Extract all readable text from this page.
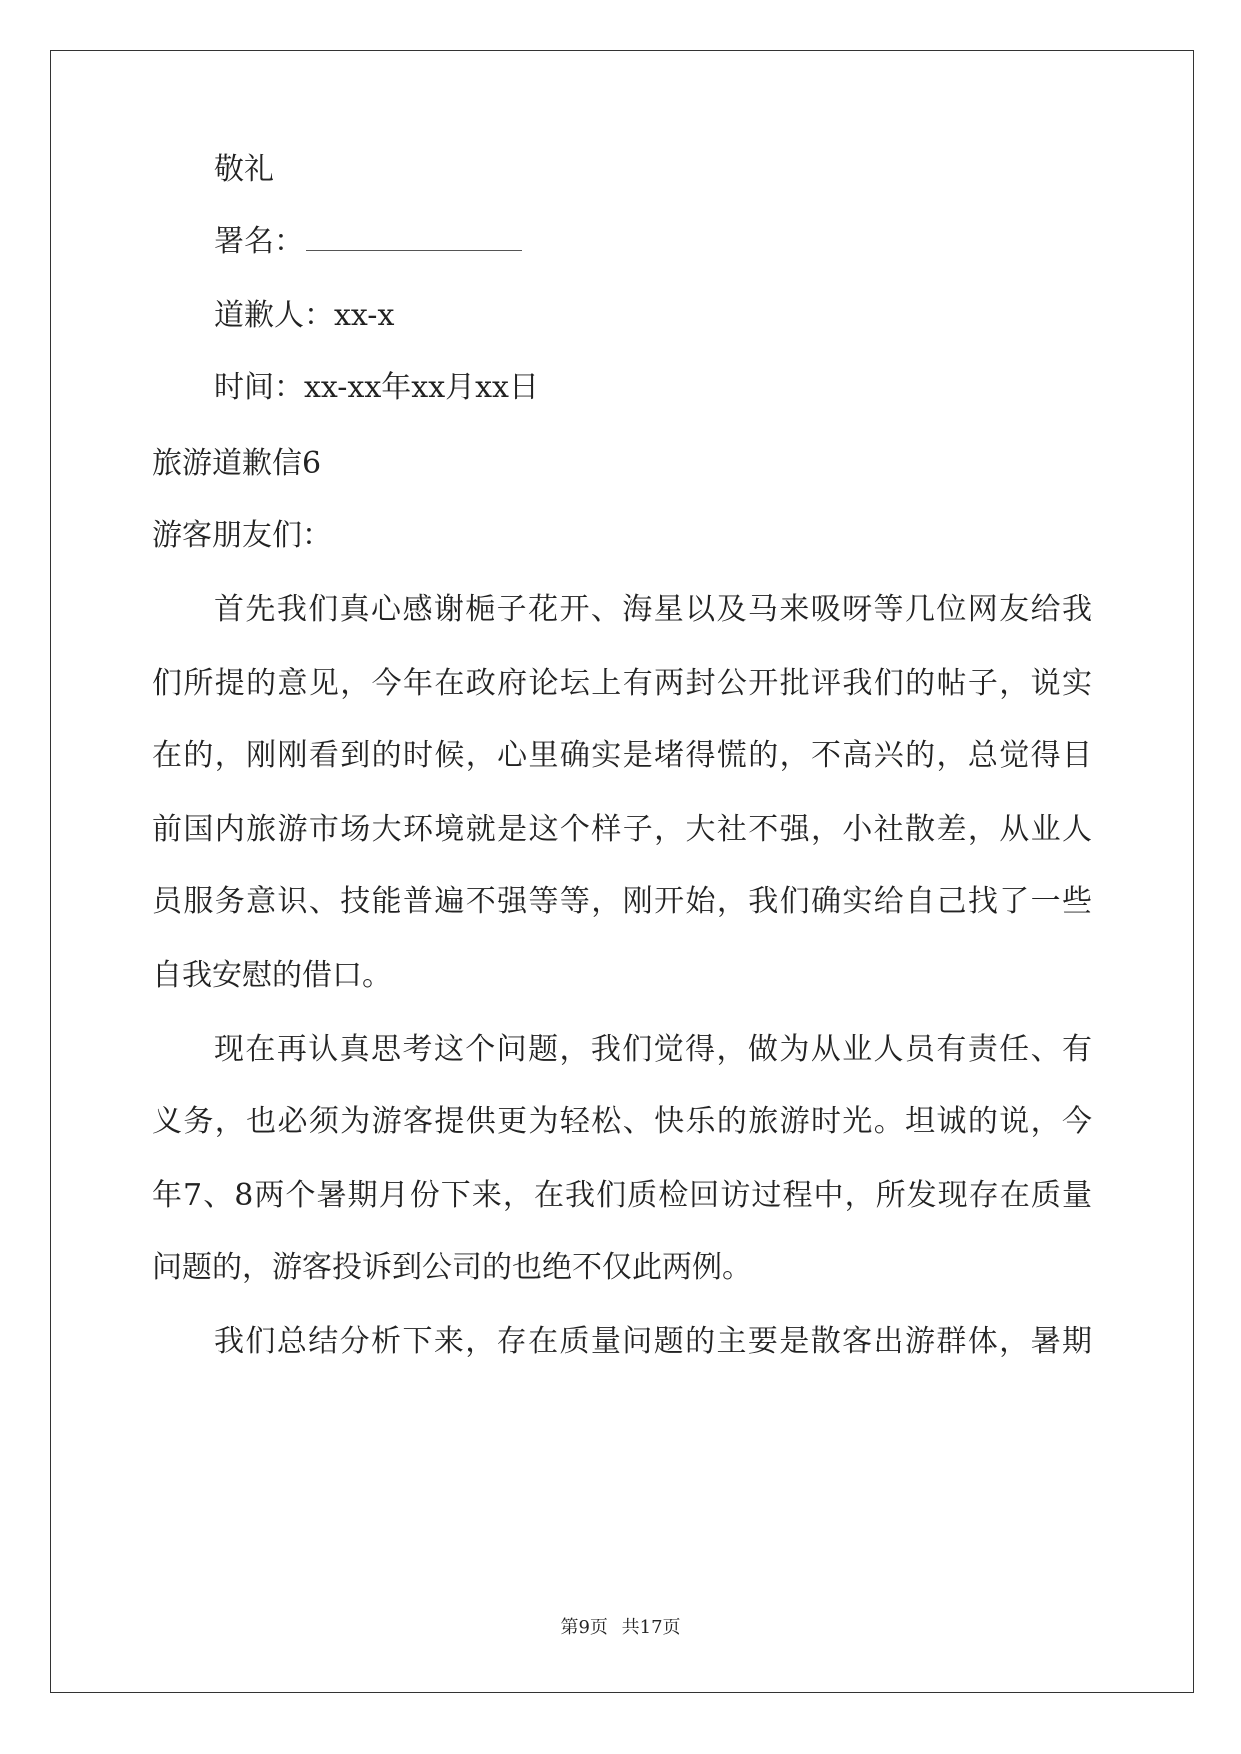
敬礼
署名：
道歉人：xx-x
时间：xx-xx年xx月xx日
旅游道歉信6
游客朋友们：
首先我们真心感谢梔子花开、海星以及马来吸呀等几位网友给我
们所提的意见，今年在政府论坛上有两封公开批评我们的帖子，说实
在的，刚刚看到的时候，心里确实是堵得慌的，不高兴的，总觉得目
前国内旅游市场大环境就是这个样子，大社不强，小社散差，从业人
员服务意识、技能普遍不强等等，刚开始，我们确实给自己找了一些
自我安慰的借口。
现在再认真思考这个问题，我们觉得，做为从业人员有责任、有
义务，也必须为游客提供更为轻松、快乐的旅游时光。坦诚的说，今
年7、8两个暑期月份下来，在我们质检回访过程中，所发现存在质量
问题的，游客投诉到公司的也绝不仅此两例。
我们总结分析下来，存在质量问题的主要是散客出游群体，暑期
第9页 共17页
